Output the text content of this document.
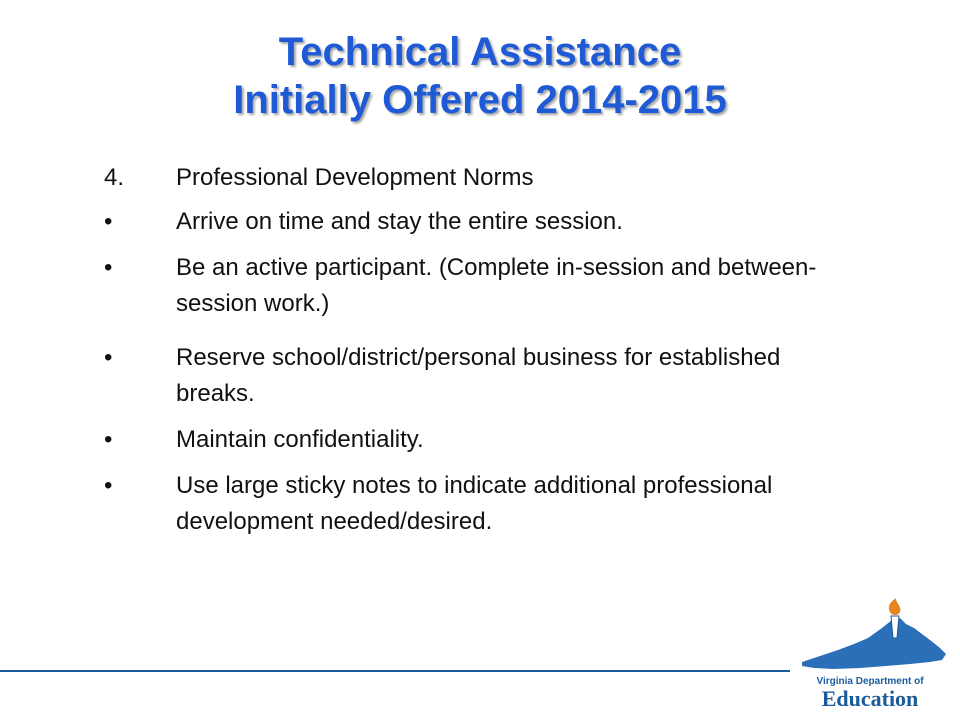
Technical Assistance
Initially Offered 2014-2015
4. Professional Development Norms
•	Arrive on time and stay the entire session.
•	Be an active participant. (Complete in-session and between-session work.)
•	Reserve school/district/personal business for established breaks.
•	Maintain confidentiality.
•	Use large sticky notes to indicate additional professional development needed/desired.
Virginia Department of
Education
